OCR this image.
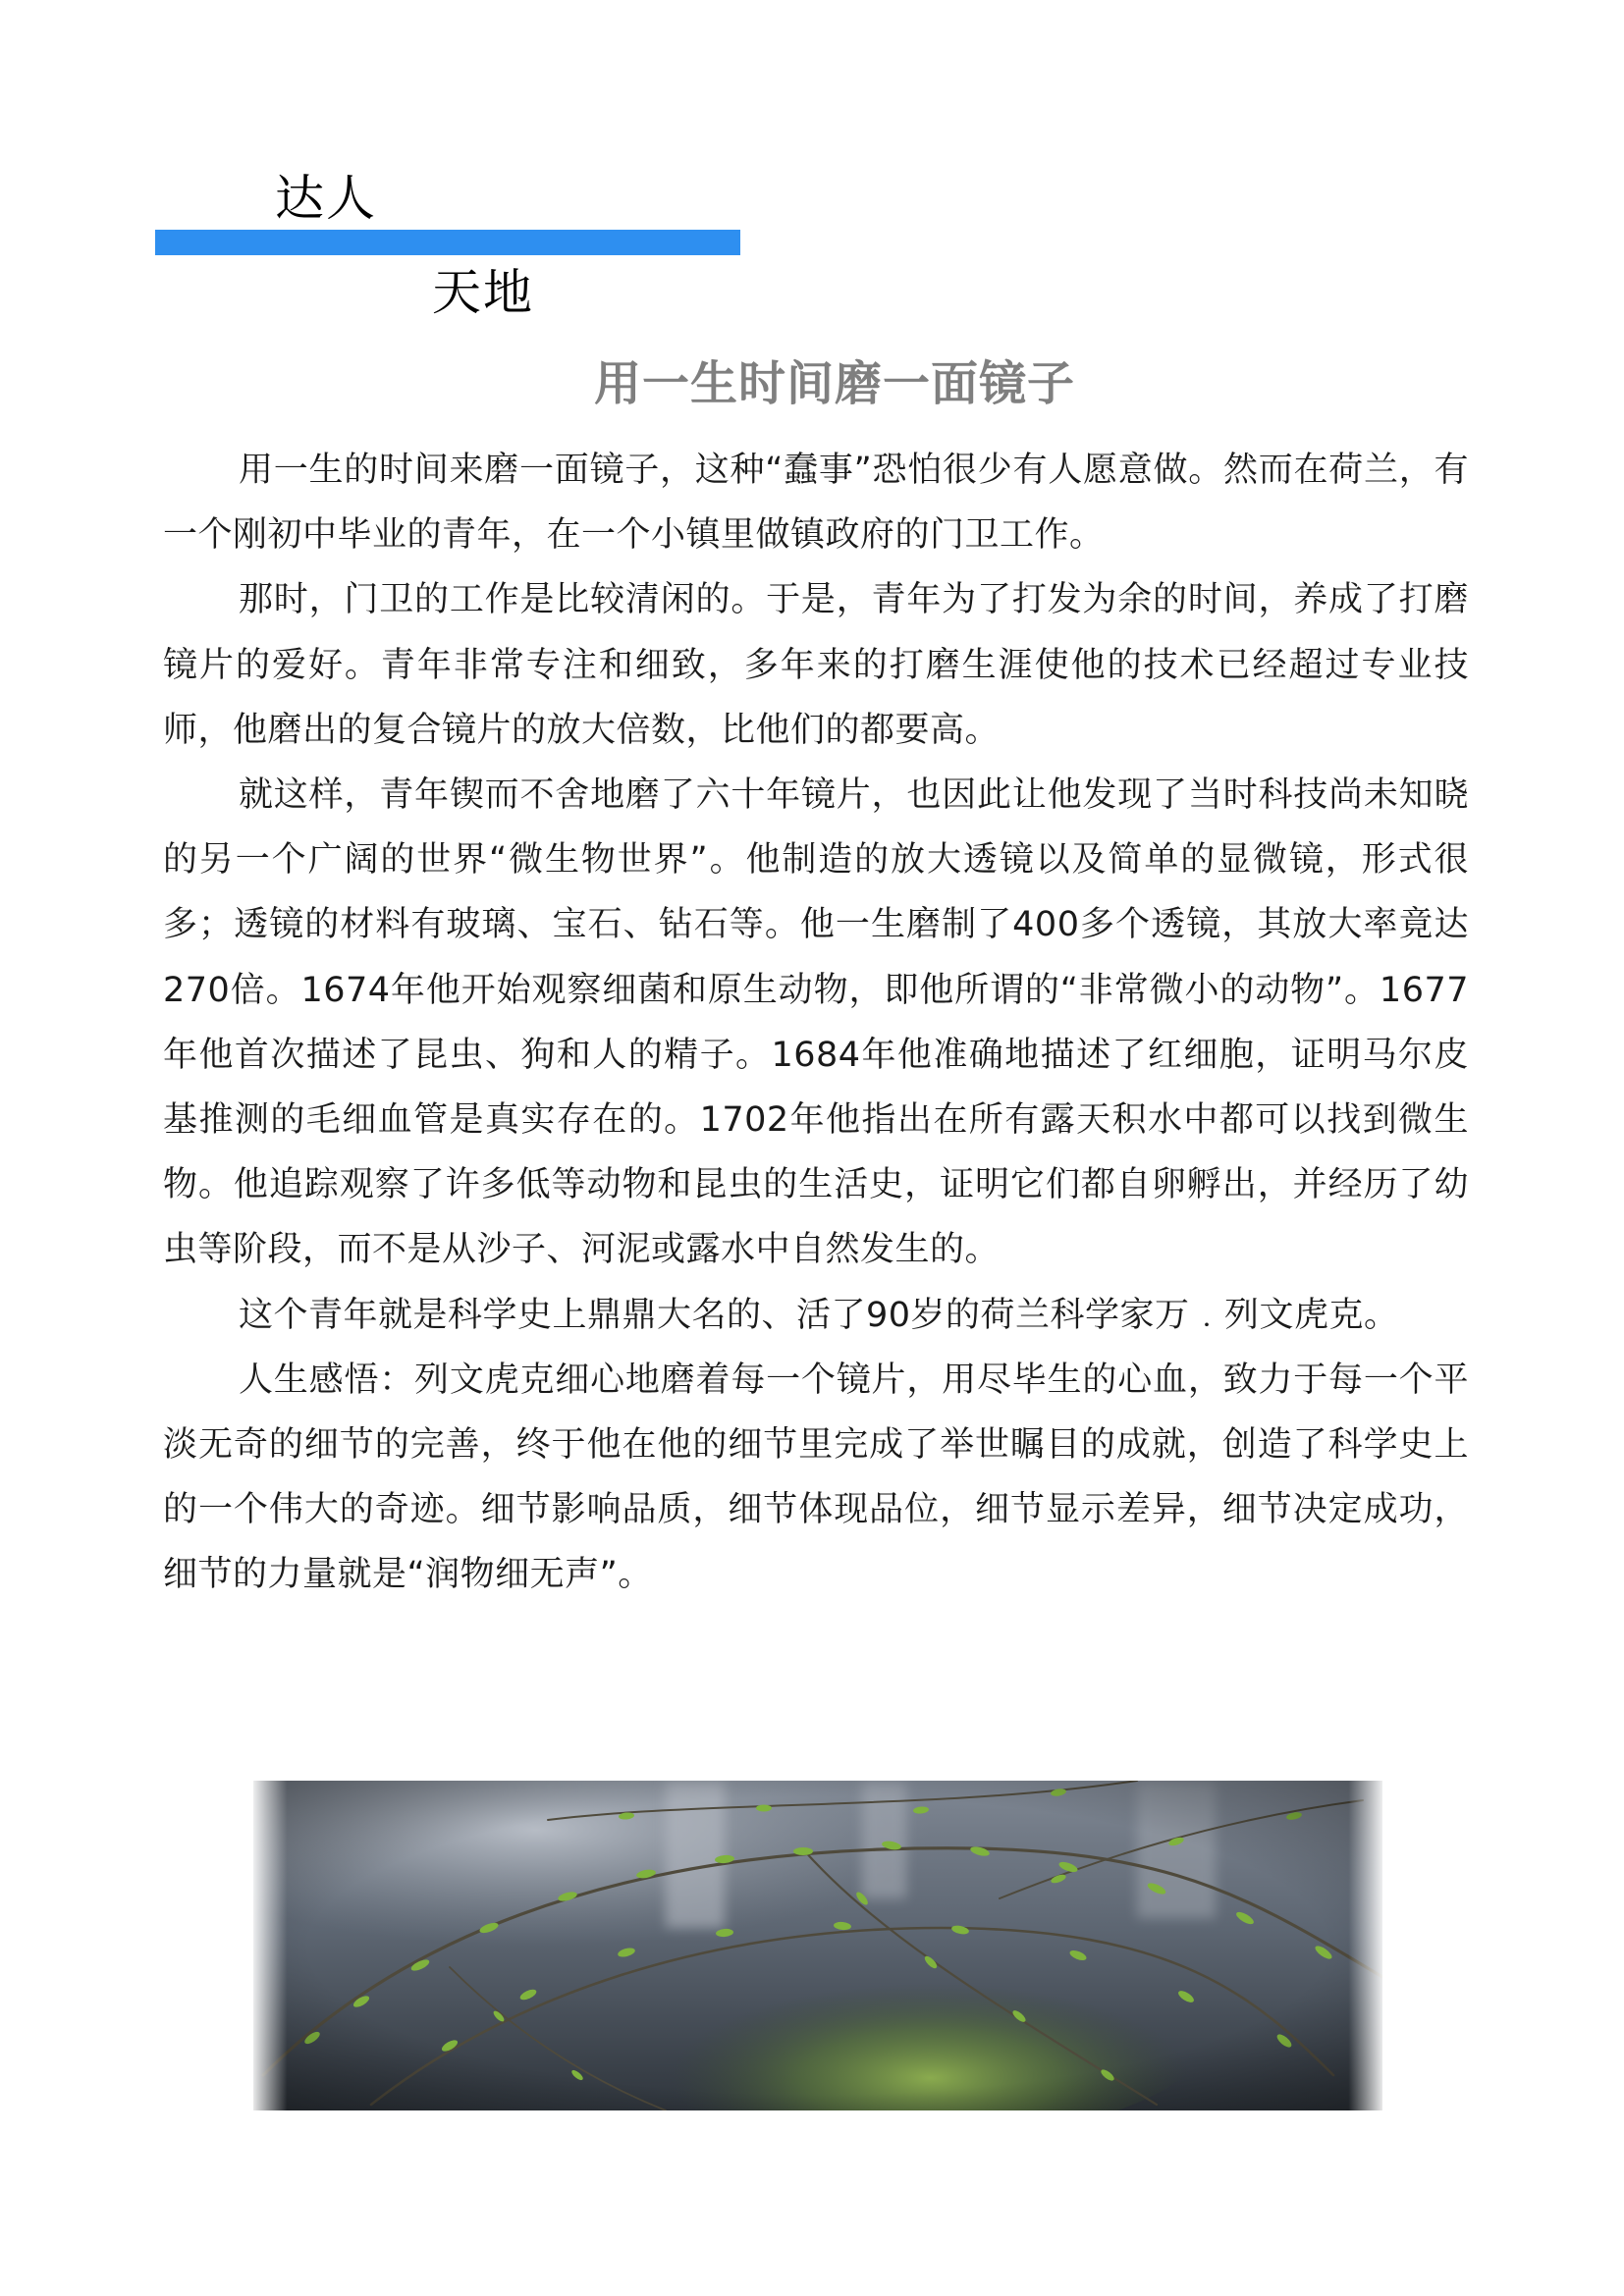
达人
天地
用一生时间磨一面镜子

用一生的时间来磨一面镜子，这种“蠢事”恐怕很少有人愿意做。然而在荷兰，有一个刚初中毕业的青年，在一个小镇里做镇政府的门卫工作。

那时，门卫的工作是比较清闲的。于是，青年为了打发为余的时间，养成了打磨镜片的爱好。青年非常专注和细致，多年来的打磨生涯使他的技术已经超过专业技师，他磨出的复合镜片的放大倍数，比他们的都要高。

就这样，青年锲而不舍地磨了六十年镜片，也因此让他发现了当时科技尚未知晓的另一个广阔的世界“微生物世界”。他制造的放大透镜以及简单的显微镜，形式很多；透镜的材料有玻璃、宝石、钻石等。他一生磨制了400多个透镜，其放大率竟达270倍。1674年他开始观察细菌和原生动物，即他所谓的“非常微小的动物”。1677年他首次描述了昆虫、狗和人的精子。1684年他准确地描述了红细胞，证明马尔皮基推测的毛细血管是真实存在的。1702年他指出在所有露天积水中都可以找到微生物。他追踪观察了许多低等动物和昆虫的生活史，证明它们都自卵孵出，并经历了幼虫等阶段，而不是从沙子、河泥或露水中自然发生的。

这个青年就是科学史上鼎鼎大名的、活了90岁的荷兰科学家万﹒列文虎克。

人生感悟：列文虎克细心地磨着每一个镜片，用尽毕生的心血，致力于每一个平淡无奇的细节的完善，终于他在他的细节里完成了举世瞩目的成就，创造了科学史上的一个伟大的奇迹。细节影响品质，细节体现品位，细节显示差异，细节决定成功，细节的力量就是“润物细无声”。
